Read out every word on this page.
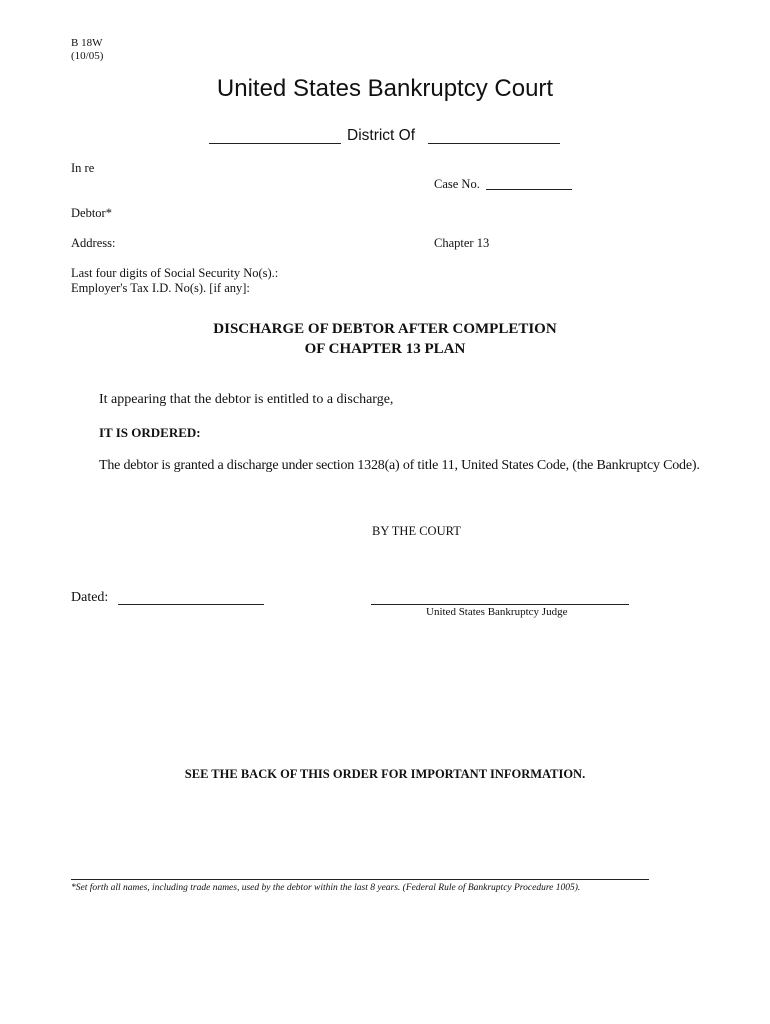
B 18W
(10/05)
United States Bankruptcy Court
District Of
In re
Case No.
Debtor*
Address:	Chapter 13
Last four digits of Social Security No(s).:
Employer's Tax I.D. No(s). [if any]:
DISCHARGE OF DEBTOR AFTER COMPLETION
OF CHAPTER 13 PLAN
It appearing that the debtor is entitled to a discharge,
IT IS ORDERED:
The debtor is granted a discharge under section 1328(a) of title 11, United States Code, (the Bankruptcy Code).
BY THE COURT
Dated:
United States Bankruptcy Judge
SEE THE BACK OF THIS ORDER FOR IMPORTANT INFORMATION.
*Set forth all names, including trade names, used by the debtor within the last 8 years. (Federal Rule of Bankruptcy Procedure 1005).
